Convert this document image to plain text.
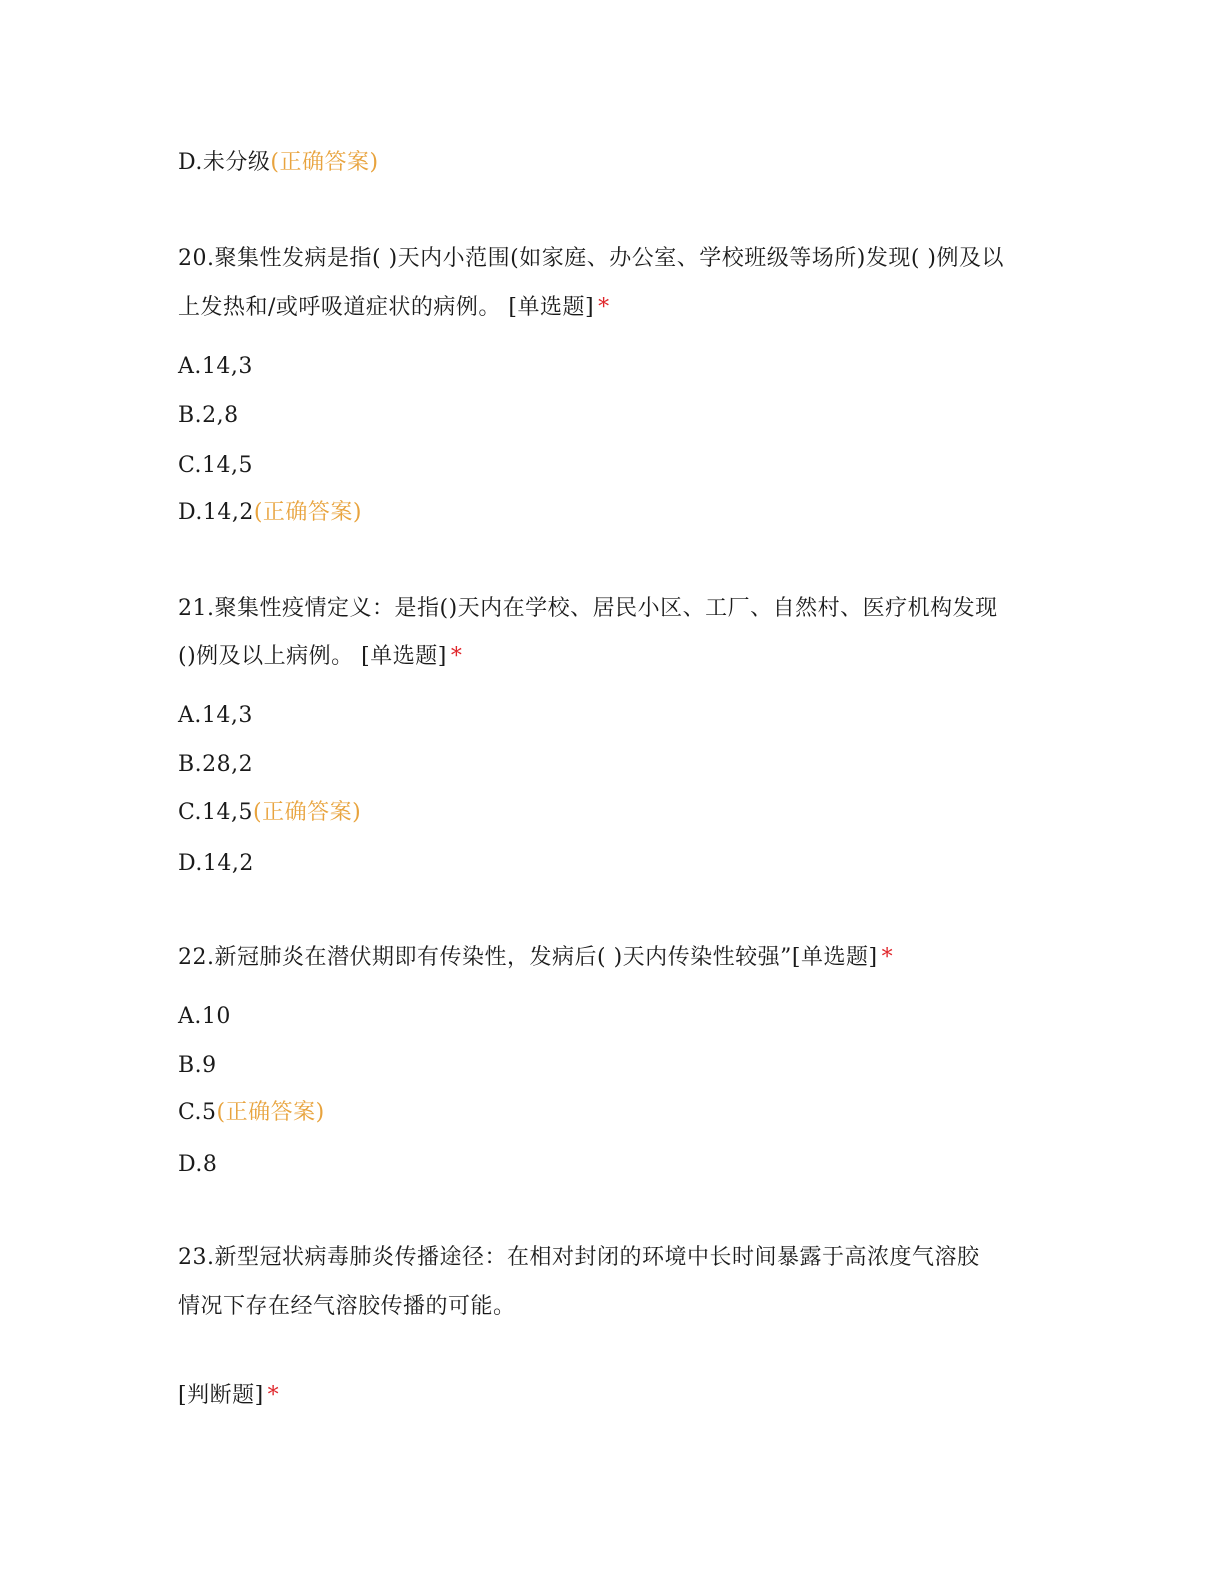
D.未分级(正确答案)
20.聚集性发病是指( )天内小范围(如家庭、办公室、学校班级等场所)发现( )例及以
上发热和/或呼吸道症状的病例。 [单选题] *
A.14,3
B.2,8
C.14,5
D.14,2(正确答案)
21.聚集性疫情定义：是指()天内在学校、居民小区、工厂、自然村、医疗机构发现
()例及以上病例。 [单选题] *
A.14,3
B.28,2
C.14,5(正确答案)
D.14,2
22.新冠肺炎在潜伏期即有传染性，发病后( )天内传染性较强”[单选题] *
A.10
B.9
C.5(正确答案)
D.8
23.新型冠状病毒肺炎传播途径：在相对封闭的环境中长时间暴露于高浓度气溶胶
情况下存在经气溶胶传播的可能。
[判断题] *
